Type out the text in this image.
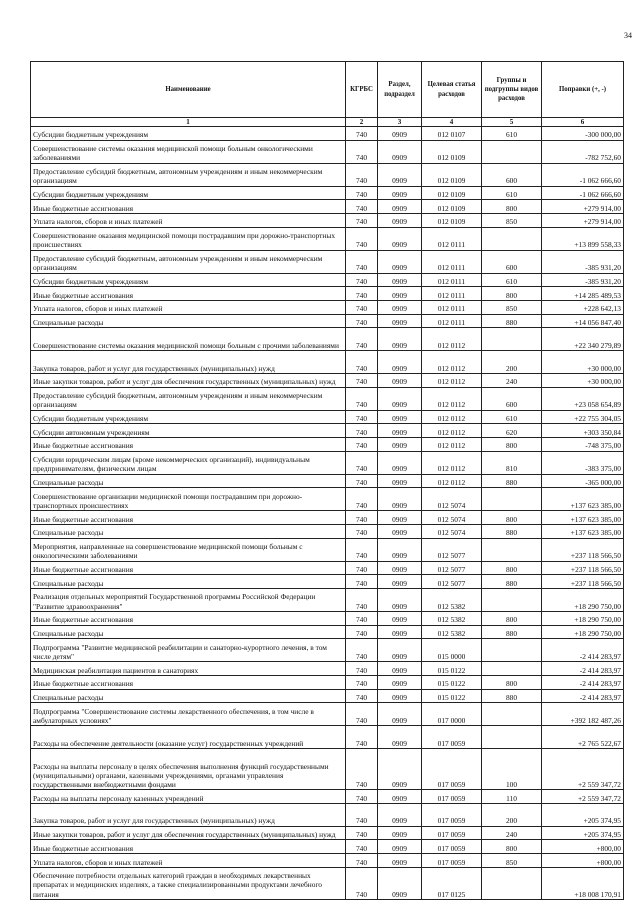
34
Наименование	КГРБС	Раздел, подраздел	Целевая статья расходов	Группы и подгруппы видов расходов	Поправки (+, -)
1	2	3	4	5	6
Субсидии бюджетным учреждениям	740	0909	012 0107	610	-300 000,00
Совершенствование системы оказания медицинской помощи больным онкологическими заболеваниями	740	0909	012 0109		-782 752,60
Предоставление субсидий бюджетным, автономным учреждениям и иным некоммерческим организациям	740	0909	012 0109	600	-1 062 666,60
Субсидии бюджетным учреждениям	740	0909	012 0109	610	-1 062 666,60
Иные бюджетные ассигнования	740	0909	012 0109	800	+279 914,00
Уплата налогов, сборов и иных платежей	740	0909	012 0109	850	+279 914,00
Совершенствование оказания медицинской помощи пострадавшим при дорожно-транспортных происшествиях	740	0909	012 0111		+13 899 558,33
Предоставление субсидий бюджетным, автономным учреждениям и иным некоммерческим организациям	740	0909	012 0111	600	-385 931,20
Субсидии бюджетным учреждениям	740	0909	012 0111	610	-385 931,20
Иные бюджетные ассигнования	740	0909	012 0111	800	+14 285 489,53
Уплата налогов, сборов и иных платежей	740	0909	012 0111	850	+228 642,13
Специальные расходы	740	0909	012 0111	880	+14 056 847,40
Совершенствование системы оказания медицинской помощи больным с прочими заболеваниями	740	0909	012 0112		+22 340 279,89
Закупка товаров, работ и услуг для государственных (муниципальных) нужд	740	0909	012 0112	200	+30 000,00
Иные закупки товаров, работ и услуг для обеспечения государственных (муниципальных) нужд	740	0909	012 0112	240	+30 000,00
Предоставление субсидий бюджетным, автономным учреждениям и иным некоммерческим организациям	740	0909	012 0112	600	+23 058 654,89
Субсидии бюджетным учреждениям	740	0909	012 0112	610	+22 755 304,05
Субсидии автономным учреждениям	740	0909	012 0112	620	+303 350,84
Иные бюджетные ассигнования	740	0909	012 0112	800	-748 375,00
Субсидии юридическим лицам (кроме некоммерческих организаций), индивидуальным предпринимателям, физическим лицам	740	0909	012 0112	810	-383 375,00
Специальные расходы	740	0909	012 0112	880	-365 000,00
Совершенствование организации медицинской помощи пострадавшим при дорожно-транспортных происшествиях	740	0909	012 5074		+137 623 385,00
Иные бюджетные ассигнования	740	0909	012 5074	800	+137 623 385,00
Специальные расходы	740	0909	012 5074	880	+137 623 385,00
Мероприятия, направленные на совершенствование медицинской помощи больным с онкологическими заболеваниями	740	0909	012 5077		+237 118 566,50
Иные бюджетные ассигнования	740	0909	012 5077	800	+237 118 566,50
Специальные расходы	740	0909	012 5077	880	+237 118 566,50
Реализация отдельных мероприятий Государственной программы Российской Федерации "Развитие здравоохранения"	740	0909	012 5382		+18 290 750,00
Иные бюджетные ассигнования	740	0909	012 5382	800	+18 290 750,00
Специальные расходы	740	0909	012 5382	880	+18 290 750,00
Подпрограмма "Развитие медицинской реабилитации и санаторно-курортного лечения, в том числе детям"	740	0909	015 0000		-2 414 283,97
Медицинская реабилитация пациентов в санаториях	740	0909	015 0122		-2 414 283,97
Иные бюджетные ассигнования	740	0909	015 0122	800	-2 414 283,97
Специальные расходы	740	0909	015 0122	880	-2 414 283,97
Подпрограмма "Совершенствование системы лекарственного обеспечения, в том числе в амбулаторных условиях"	740	0909	017 0000		+392 182 487,26
Расходы на обеспечение деятельности (оказание услуг) государственных учреждений	740	0909	017 0059		+2 765 522,67
Расходы на выплаты персоналу в целях обеспечения выполнения функций государственными (муниципальными) органами, казенными учреждениями, органами управления государственными внебюджетными фондами	740	0909	017 0059	100	+2 559 347,72
Расходы на выплаты персоналу казенных учреждений	740	0909	017 0059	110	+2 559 347,72
Закупка товаров, работ и услуг для государственных (муниципальных) нужд	740	0909	017 0059	200	+205 374,95
Иные закупки товаров, работ и услуг для обеспечения государственных (муниципальных) нужд	740	0909	017 0059	240	+205 374,95
Иные бюджетные ассигнования	740	0909	017 0059	800	+800,00
Уплата налогов, сборов и иных платежей	740	0909	017 0059	850	+800,00
Обеспечение потребности отдельных категорий граждан в необходимых лекарственных препаратах и медицинских изделиях, а также специализированными продуктами лечебного питания	740	0909	017 0125		+18 008 170,91
